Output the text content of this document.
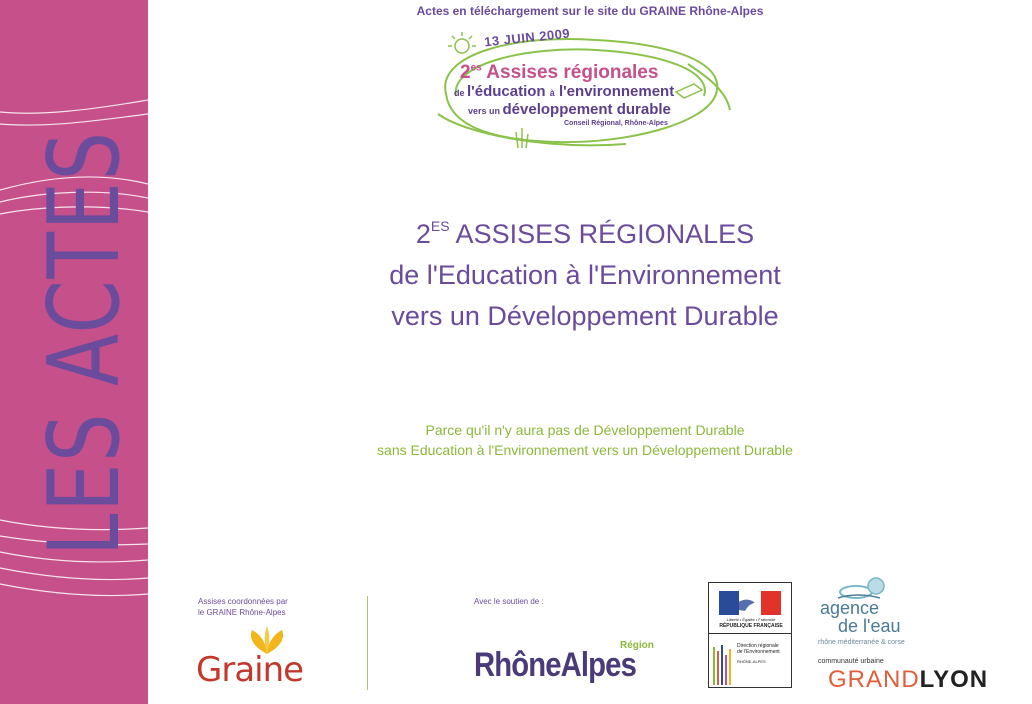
LES ACTES
Actes en téléchargement sur le site du GRAINE Rhône-Alpes
13 JUIN 2009
$2^{es}$ Assises régionales
de l'éducation à l'environnement
vers un développement durable
Conseil Régional, Rhône-Alpes
$2^{ES}$ ASSISES RÉGIONALES
de l'Education à l'Environnement
vers un Développement Durable
Parce qu'il n'y aura pas de Développement Durable
sans Education à l'Environnement vers un Développement Durable
Assises coordonnées par
le GRAINE Rhône-Alpes
Avec le soutien de :
Graine
Région
RhôneAlpes
Liberté • Égalité • Fraternité
RÉPUBLIQUE FRANÇAISE
Direction régionale
de l'Environnement
RHÔNE-ALPES
agence
de l'eau
rhône méditerranée & corse
communauté urbaine
GRANDLYON
